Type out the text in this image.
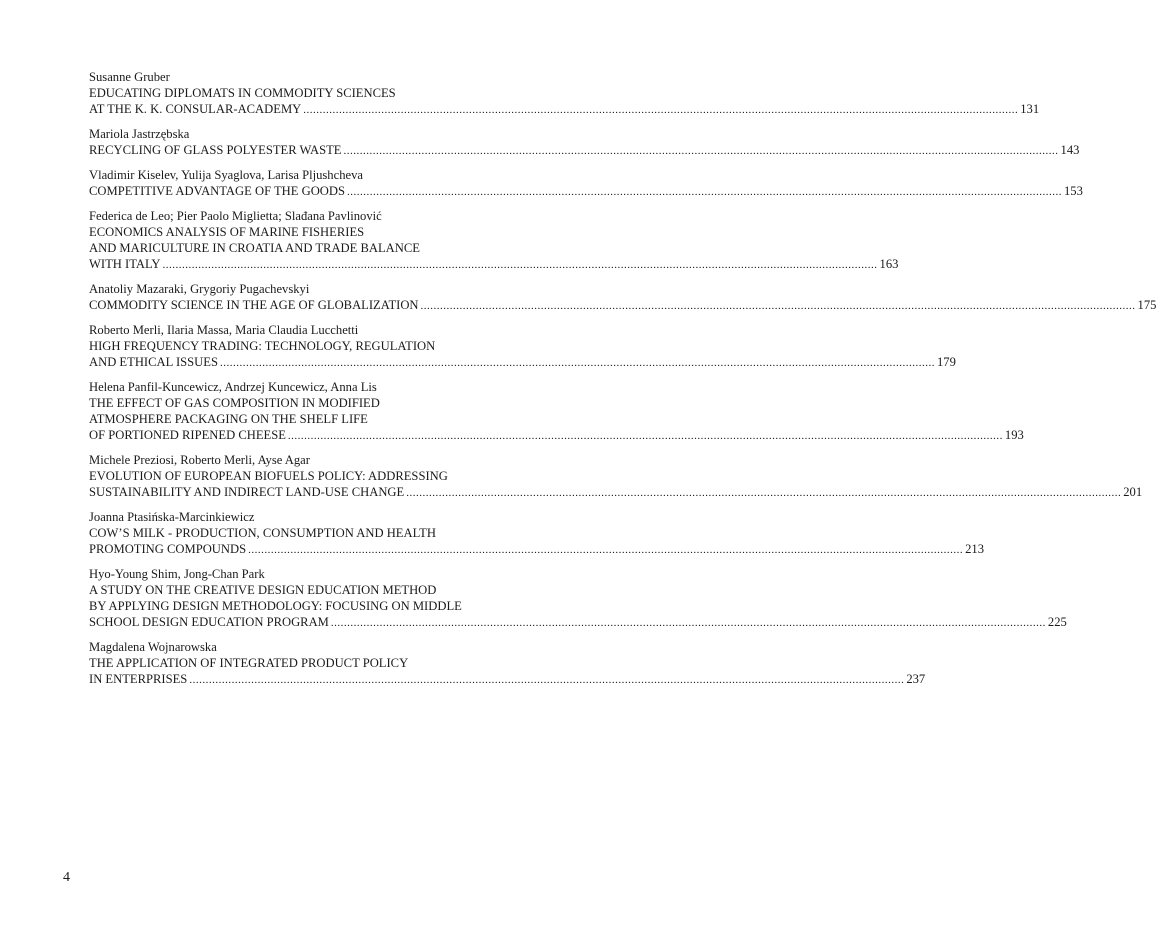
Susanne Gruber
EDUCATING DIPLOMATS IN COMMODITY SCIENCES
AT THE K. K. CONSULAR-ACADEMY ............................................................................................................................................................................................................................ 131
Mariola Jastrzębska
RECYCLING OF GLASS POLYESTER WASTE ............................................................................................................................................................................................................................ 143
Vladimir Kiselev, Yulija Syaglova, Larisa Pljushcheva
COMPETITIVE ADVANTAGE OF THE GOODS ............................................................................................................................................................................................................................ 153
Federica de Leo; Pier Paolo Miglietta; Slađana Pavlinović
ECONOMICS ANALYSIS OF MARINE FISHERIES
AND MARICULTURE IN CROATIA AND TRADE BALANCE
WITH ITALY ............................................................................................................................................................................................................................ 163
Anatoliy Mazaraki, Grygoriy Pugachevskyi
COMMODITY SCIENCE IN THE AGE OF GLOBALIZATION ............................................................................................................................................................................................................................ 175
Roberto Merli, Ilaria Massa, Maria Claudia Lucchetti
HIGH FREQUENCY TRADING: TECHNOLOGY, REGULATION
AND ETHICAL ISSUES ............................................................................................................................................................................................................................ 179
Helena Panfil-Kuncewicz, Andrzej Kuncewicz, Anna Lis
THE EFFECT OF GAS COMPOSITION IN MODIFIED
ATMOSPHERE PACKAGING ON THE SHELF LIFE
OF PORTIONED RIPENED CHEESE ............................................................................................................................................................................................................................ 193
Michele Preziosi, Roberto Merli, Ayse Agar
EVOLUTION OF EUROPEAN BIOFUELS POLICY: ADDRESSING
SUSTAINABILITY AND INDIRECT LAND-USE CHANGE ............................................................................................................................................................................................................................ 201
Joanna Ptasińska-Marcinkiewicz
COW’S MILK - PRODUCTION, CONSUMPTION AND HEALTH
PROMOTING COMPOUNDS ............................................................................................................................................................................................................................ 213
Hyo-Young Shim, Jong-Chan Park
A STUDY ON THE CREATIVE DESIGN EDUCATION METHOD
BY APPLYING DESIGN METHODOLOGY: FOCUSING ON MIDDLE
SCHOOL DESIGN EDUCATION PROGRAM ............................................................................................................................................................................................................................ 225
Magdalena Wojnarowska
THE APPLICATION OF INTEGRATED PRODUCT POLICY
IN ENTERPRISES ............................................................................................................................................................................................................................ 237
4
